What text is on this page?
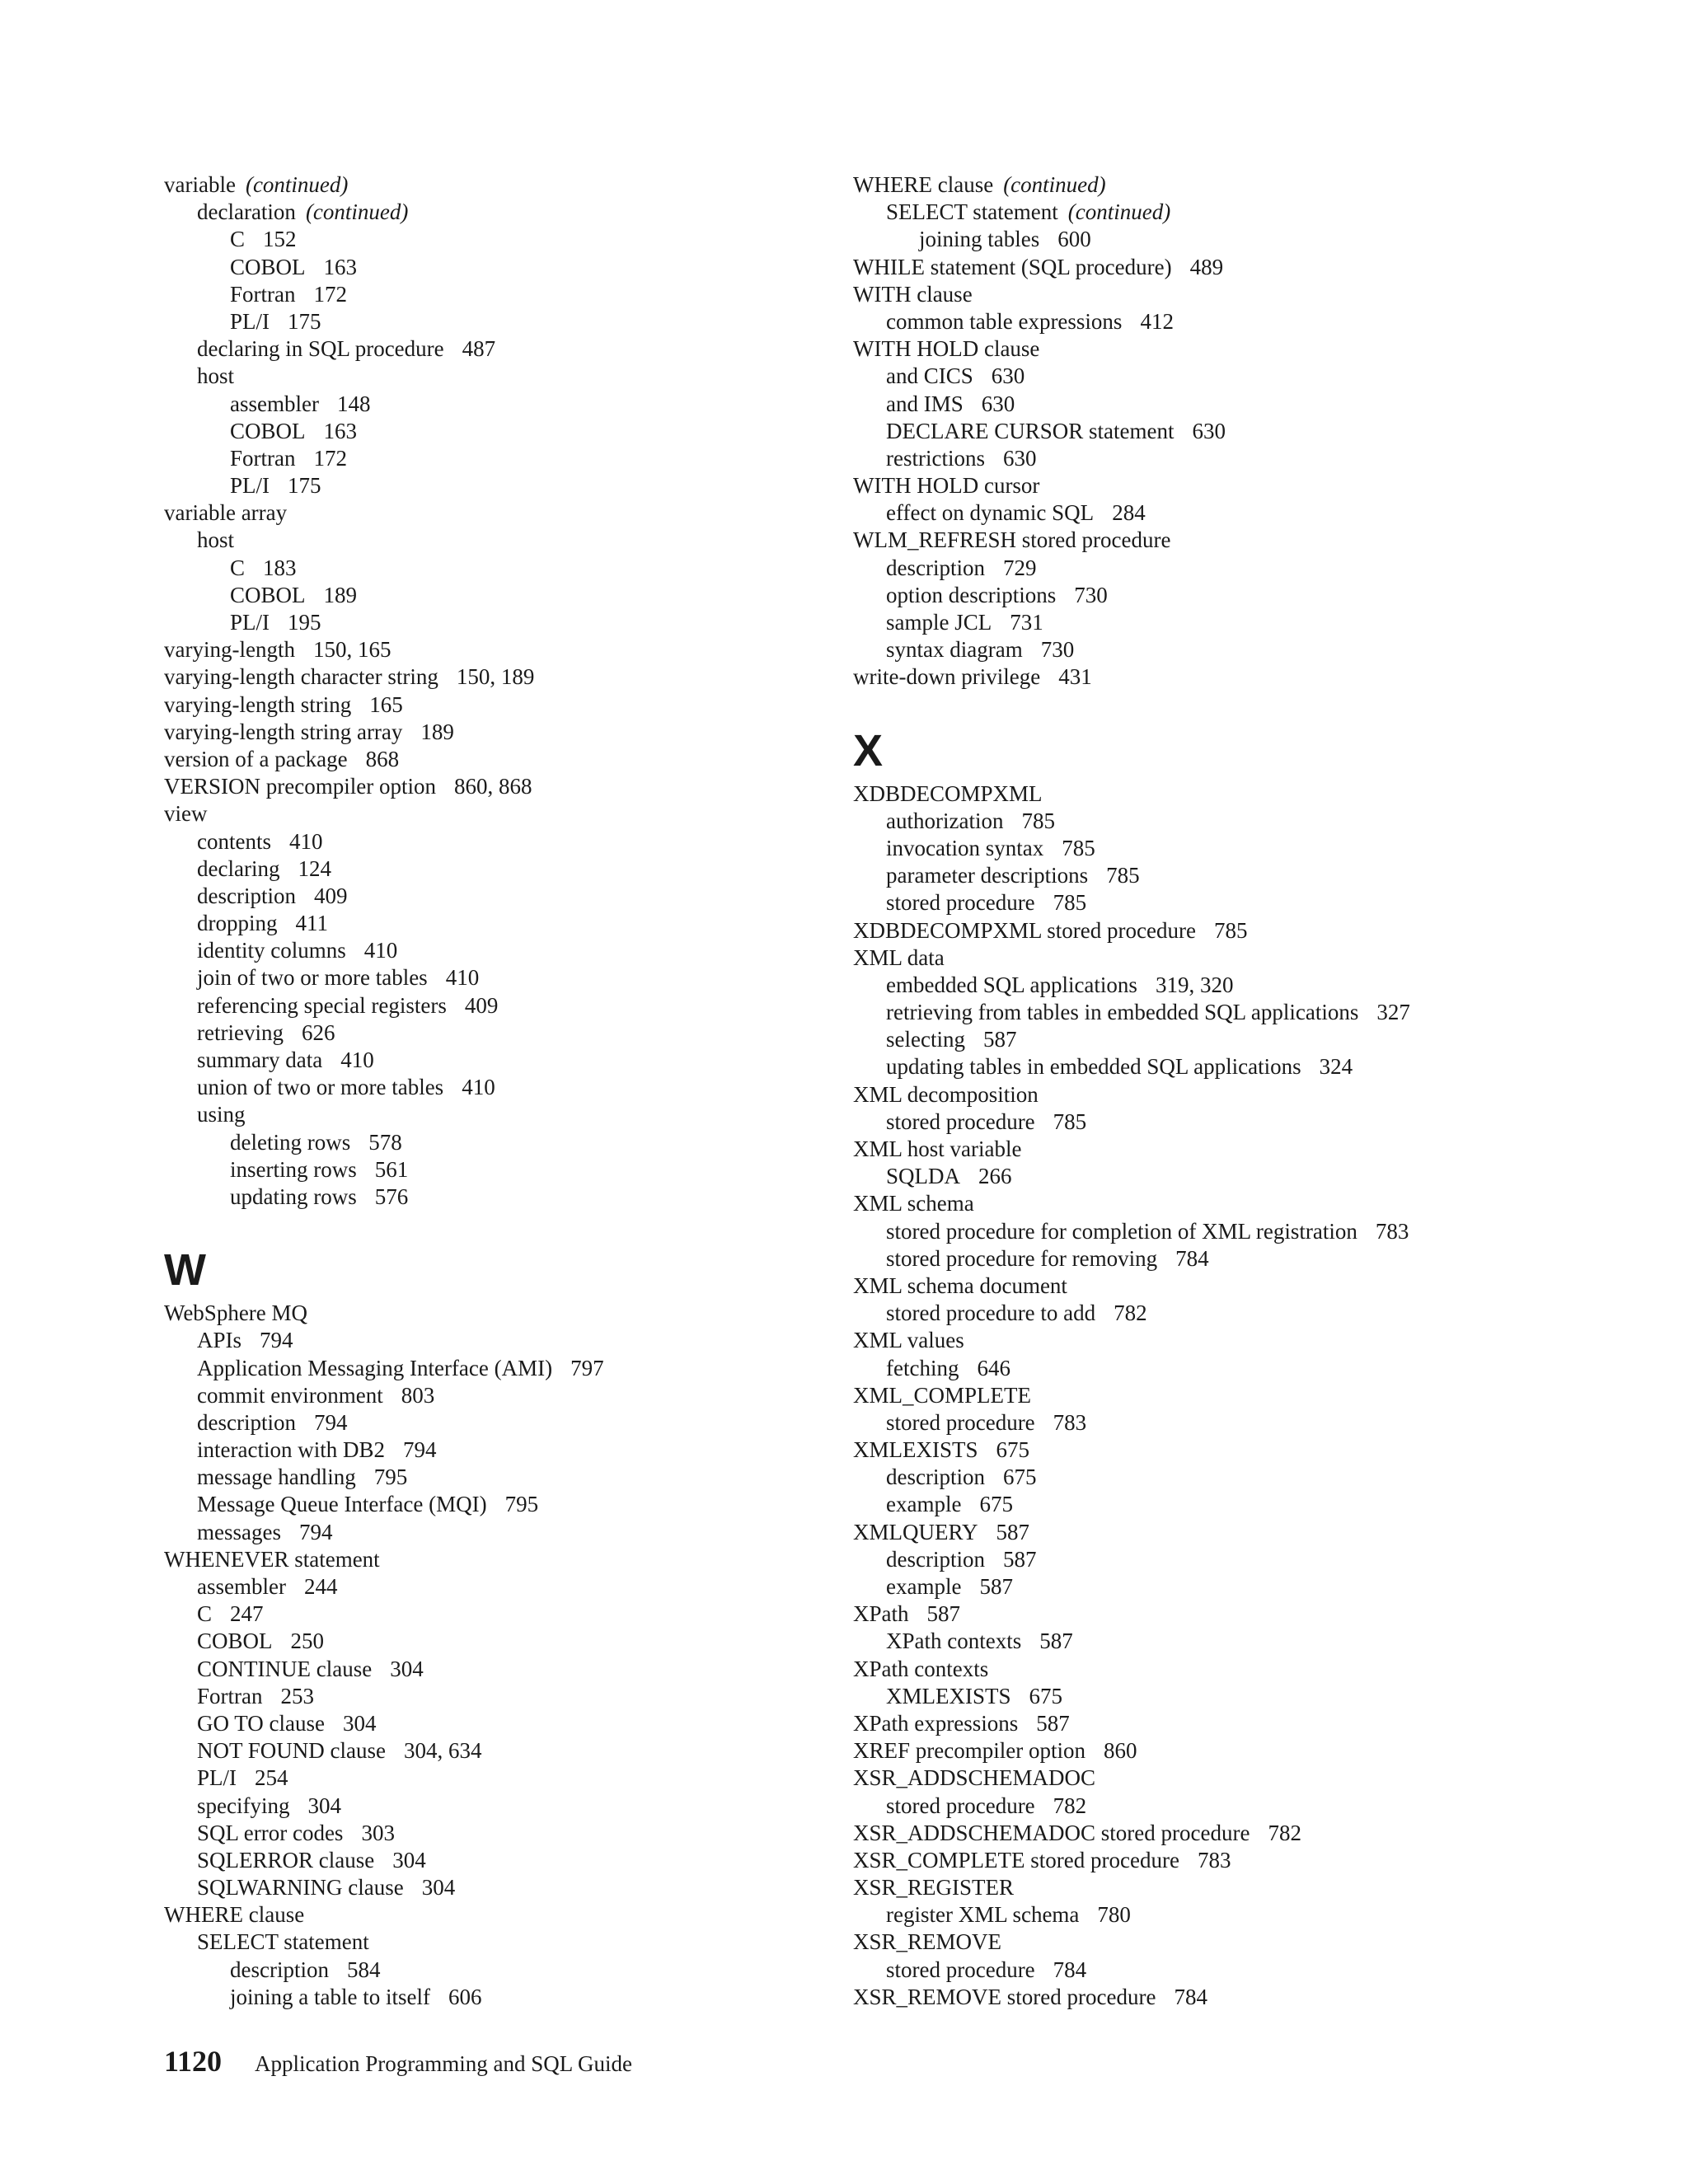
variable (continued)
declaration (continued)
C 152
COBOL 163
Fortran 172
PL/I 175
declaring in SQL procedure 487
host
assembler 148
COBOL 163
Fortran 172
PL/I 175
variable array
host
C 183
COBOL 189
PL/I 195
varying-length 150, 165
varying-length character string 150, 189
varying-length string 165
varying-length string array 189
version of a package 868
VERSION precompiler option 860, 868
view
contents 410
declaring 124
description 409
dropping 411
identity columns 410
join of two or more tables 410
referencing special registers 409
retrieving 626
summary data 410
union of two or more tables 410
using
deleting rows 578
inserting rows 561
updating rows 576
W
WebSphere MQ
APIs 794
Application Messaging Interface (AMI) 797
commit environment 803
description 794
interaction with DB2 794
message handling 795
Message Queue Interface (MQI) 795
messages 794
WHENEVER statement
assembler 244
C 247
COBOL 250
CONTINUE clause 304
Fortran 253
GO TO clause 304
NOT FOUND clause 304, 634
PL/I 254
specifying 304
SQL error codes 303
SQLERROR clause 304
SQLWARNING clause 304
WHERE clause
SELECT statement
description 584
joining a table to itself 606
WHERE clause (continued)
SELECT statement (continued)
joining tables 600
WHILE statement (SQL procedure) 489
WITH clause
common table expressions 412
WITH HOLD clause
and CICS 630
and IMS 630
DECLARE CURSOR statement 630
restrictions 630
WITH HOLD cursor
effect on dynamic SQL 284
WLM_REFRESH stored procedure
description 729
option descriptions 730
sample JCL 731
syntax diagram 730
write-down privilege 431
X
XDBDECOMPXML
authorization 785
invocation syntax 785
parameter descriptions 785
stored procedure 785
XDBDECOMPXML stored procedure 785
XML data
embedded SQL applications 319, 320
retrieving from tables in embedded SQL applications 327
selecting 587
updating tables in embedded SQL applications 324
XML decomposition
stored procedure 785
XML host variable
SQLDA 266
XML schema
stored procedure for completion of XML registration 783
stored procedure for removing 784
XML schema document
stored procedure to add 782
XML values
fetching 646
XML_COMPLETE
stored procedure 783
XMLEXISTS 675
description 675
example 675
XMLQUERY 587
description 587
example 587
XPath 587
XPath contexts 587
XPath contexts
XMLEXISTS 675
XPath expressions 587
XREF precompiler option 860
XSR_ADDSCHEMADOC
stored procedure 782
XSR_ADDSCHEMADOC stored procedure 782
XSR_COMPLETE stored procedure 783
XSR_REGISTER
register XML schema 780
XSR_REMOVE
stored procedure 784
XSR_REMOVE stored procedure 784
1120 Application Programming and SQL Guide
